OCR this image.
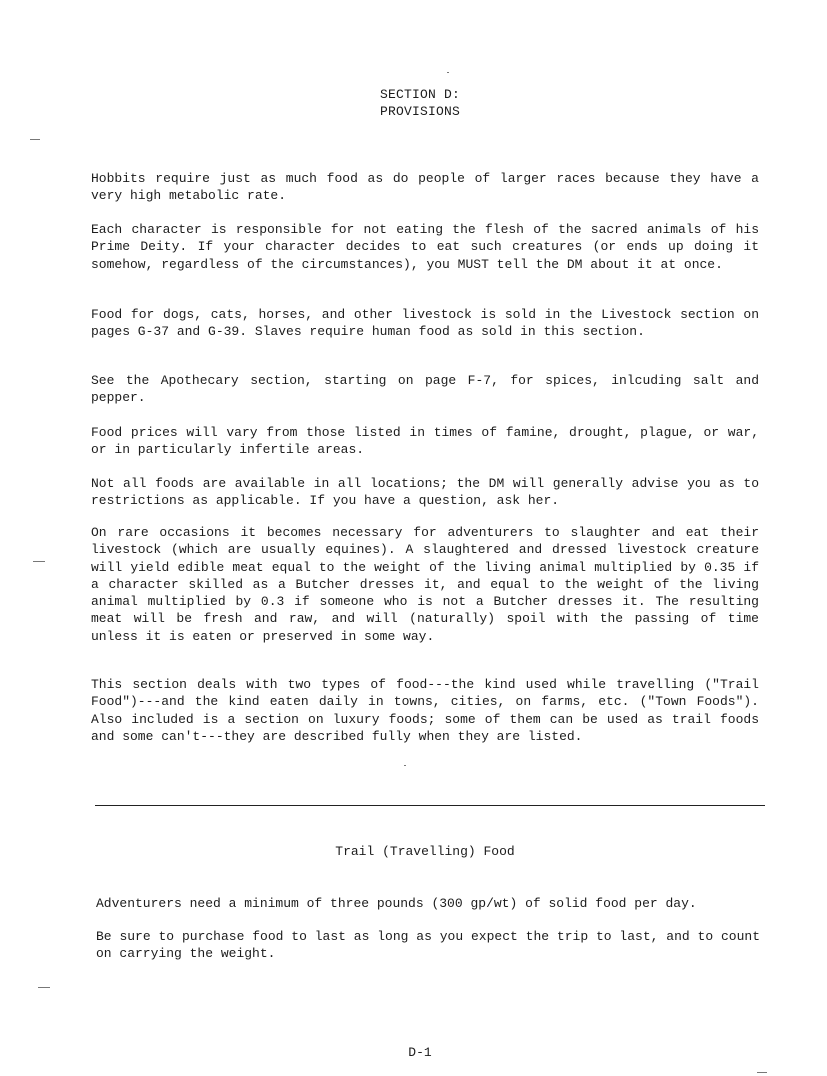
SECTION D:
PROVISIONS
Hobbits require just as much food as do people of larger races because they have a very high metabolic rate.
Each character is responsible for not eating the flesh of the sacred animals of his Prime Deity. If your character decides to eat such creatures (or ends up doing it somehow, regardless of the circumstances), you MUST tell the DM about it at once.
Food for dogs, cats, horses, and other livestock is sold in the Livestock section on pages G-37 and G-39. Slaves require human food as sold in this section.
See the Apothecary section, starting on page F-7, for spices, inlcuding salt and pepper.
Food prices will vary from those listed in times of famine, drought, plague, or war, or in particularly infertile areas.
Not all foods are available in all locations; the DM will generally advise you as to restrictions as applicable. If you have a question, ask her.
On rare occasions it becomes necessary for adventurers to slaughter and eat their livestock (which are usually equines). A slaughtered and dressed livestock creature will yield edible meat equal to the weight of the living animal multiplied by 0.35 if a character skilled as a Butcher dresses it, and equal to the weight of the living animal multiplied by 0.3 if someone who is not a Butcher dresses it. The resulting meat will be fresh and raw, and will (naturally) spoil with the passing of time unless it is eaten or preserved in some way.
This section deals with two types of food---the kind used while travelling ("Trail Food")---and the kind eaten daily in towns, cities, on farms, etc. ("Town Foods"). Also included is a section on luxury foods; some of them can be used as trail foods and some can't---they are described fully when they are listed.
Trail (Travelling) Food
Adventurers need a minimum of three pounds (300 gp/wt) of solid food per day.
Be sure to purchase food to last as long as you expect the trip to last, and to count on carrying the weight.
D-1
